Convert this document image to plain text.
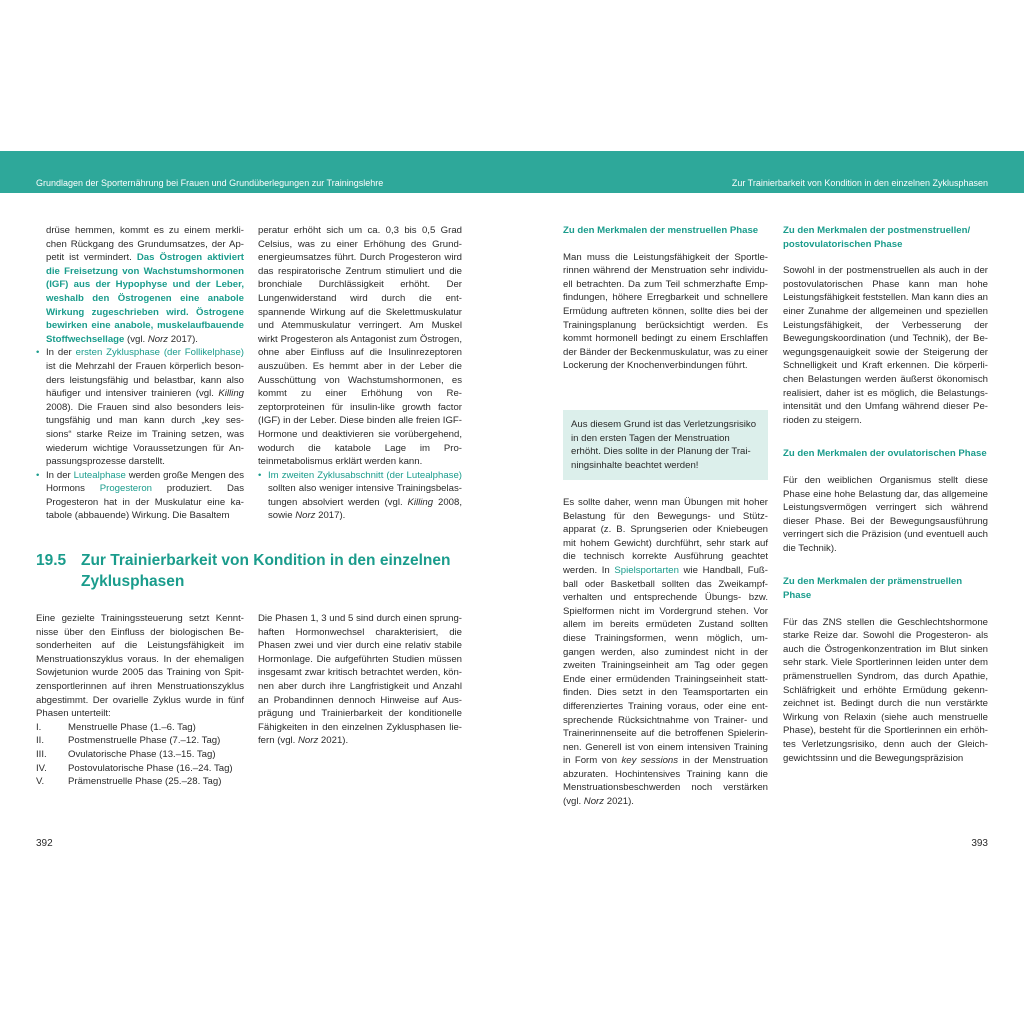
Grundlagen der Sporternährung bei Frauen und Grundüberlegungen zur Trainingslehre	Zur Trainierbarkeit von Kondition in den einzelnen Zyklusphasen

drüse hemmen, kommt es zu einem merklichen Rückgang des Grundumsatzes, der Appetit ist vermindert. Das Östrogen aktiviert die Freisetzung von Wachstumshormonen (IGF) aus der Hypophyse und der Leber, weshalb den Östrogenen eine anabole Wirkung zugeschrieben wird. Östrogene bewirken eine anabole, muskelaufbauende Stoffwechsellage (vgl. Norz 2017).

• In der ersten Zyklusphase (der Follikelphase) ist die Mehrzahl der Frauen körperlich besonders leistungsfähig und belastbar, kann also häufiger und intensiver trainieren (vgl. Killing 2008). Die Frauen sind also besonders leistungsfähig und man kann durch „key sessions“ starke Reize im Training setzen, was wiederum wichtige Voraussetzungen für Anpassungsprozesse darstellt.
• In der Lutealphase werden große Mengen des Hormons Progesteron produziert. Das Progesteron hat in der Muskulatur eine katabole (abbauende) Wirkung. Die Basaltem

peratur erhöht sich um ca. 0,3 bis 0,5 Grad Celsius, was zu einer Erhöhung des Grundenergieumsatzes führt. Durch Progesteron wird das respiratorische Zentrum stimuliert und die bronchiale Durchlässigkeit erhöht. Der Lungenwiderstand wird durch die entspannende Wirkung auf die Skelettmuskulatur und Atemmuskulatur verringert. Am Muskel wirkt Progesteron als Antagonist zum Östrogen, ohne aber Einfluss auf die Insulinrezeptoren auszuüben. Es hemmt aber in der Leber die Ausschüttung von Wachstumshormonen, es kommt zu einer Erhöhung von Rezeptorproteinen für insulin-like growth factor (IGF) in der Leber. Diese binden alle freien IGF-Hormone und deaktivieren sie vorübergehend, wodurch die katabole Lage im Proteinmetabolismus erklärt werden kann.

• Im zweiten Zyklusabschnitt (der Lutealphase) sollten also weniger intensive Trainingsbelastungen absolviert werden (vgl. Killing 2008, sowie Norz 2017).
19.5 Zur Trainierbarkeit von Kondition in den einzelnen
Zyklusphasen

Eine gezielte Trainingssteuerung setzt Kenntnisse über den Einfluss der biologischen Besonderheiten auf die Leistungsfähigkeit im Menstruationszyklus voraus. In der ehemaligen Sowjetunion wurde 2005 das Training von Spitzensportlerinnen auf ihren Menstruationszyklus abgestimmt. Der ovarielle Zyklus wurde in fünf Phasen unterteilt:

I.	Menstruelle Phase (1.–6. Tag)
II.	Postmenstruelle Phase (7.–12. Tag)
III.	Ovulatorische Phase (13.–15. Tag)
IV.	Postovulatorische Phase (16.–24. Tag)
V.	Prämenstruelle Phase (25.–28. Tag)

Die Phasen 1, 3 und 5 sind durch einen sprunghaften Hormonwechsel charakterisiert, die Phasen zwei und vier durch eine relativ stabile Hormonlage. Die aufgeführten Studien müssen insgesamt zwar kritisch betrachtet werden, können aber durch ihre Langfristigkeit und Anzahl an Probandinnen dennoch Hinweise auf Ausprägung und Trainierbarkeit der konditionelle Fähigkeiten in den einzelnen Zyklusphasen liefern (vgl. Norz 2021).

392
Zu den Merkmalen der menstruellen Phase

Man muss die Leistungsfähigkeit der Sportlerinnen während der Menstruation sehr individuell betrachten. Da zum Teil schmerzhafte Empfindungen, höhere Erregbarkeit und schnellere Ermüdung auftreten können, sollte dies bei der Trainingsplanung berücksichtigt werden. Es kommt hormonell bedingt zu einem Erschlaffen der Bänder der Beckenmuskulatur, was zu einer Lockerung der Knochenverbindungen führt.

Aus diesem Grund ist das Verletzungsrisiko in den ersten Tagen der Menstruation erhöht. Dies sollte in der Planung der Trainingsinhalte beachtet werden!

Es sollte daher, wenn man Übungen mit hoher Belastung für den Bewegungs- und Stützapparat (z. B. Sprungserien oder Kniebeugen mit hohem Gewicht) durchführt, sehr stark auf die technisch korrekte Ausführung geachtet werden. In Spielsportarten wie Handball, Fußball oder Basketball sollten das Zweikampfverhalten und entsprechende Übungs- bzw. Spielformen nicht im Vordergrund stehen. Vor allem im bereits ermüdeten Zustand sollten diese Trainingsformen, wenn möglich, umgangen werden, also zumindest nicht in der zweiten Trainingseinheit am Tag oder gegen Ende einer ermüdenden Trainingseinheit stattfinden. Dies setzt in den Teamsportarten ein differenziertes Training voraus, oder eine entsprechende Rücksichtnahme von Trainer- und Trainerinnenseite auf die betroffenen Spielerinnen. Generell ist von einem intensiven Training in Form von key sessions in der Menstruation abzuraten. Hochintensives Training kann die Menstruationsbeschwerden noch verstärken (vgl. Norz 2021).

Zu den Merkmalen der postmenstruellen/ postovulatorischen Phase

Sowohl in der postmenstruellen als auch in der postovulatorischen Phase kann man hohe Leistungsfähigkeit feststellen. Man kann dies an einer Zunahme der allgemeinen und speziellen Leistungsfähigkeit, der Verbesserung der Bewegungskoordination (und Technik), der Bewegungsgenauigkeit sowie der Steigerung der Schnelligkeit und Kraft erkennen. Die körperlichen Belastungen werden äußerst ökonomisch realisiert, daher ist es möglich, die Belastungsintensität und den Umfang während dieser Perioden zu steigern.

Zu den Merkmalen der ovulatorischen Phase

Für den weiblichen Organismus stellt diese Phase eine hohe Belastung dar, das allgemeine Leistungsvermögen verringert sich während dieser Phase. Bei der Bewegungsausführung verringert sich die Präzision (und eventuell auch die Technik).

Zu den Merkmalen der prämenstruellen Phase

Für das ZNS stellen die Geschlechtshormone starke Reize dar. Sowohl die Progesteron- als auch die Östrogenkonzentration im Blut sinken sehr stark. Viele Sportlerinnen leiden unter dem prämenstruellen Syndrom, das durch Apathie, Schläfrigkeit und erhöhte Ermüdung gekennzeichnet ist. Bedingt durch die nun verstärkte Wirkung von Relaxin (siehe auch menstruelle Phase), besteht für die Sportlerinnen ein erhöhtes Verletzungsrisiko, denn auch der Gleichgewichtssinn und die Bewegungspräzision

393
